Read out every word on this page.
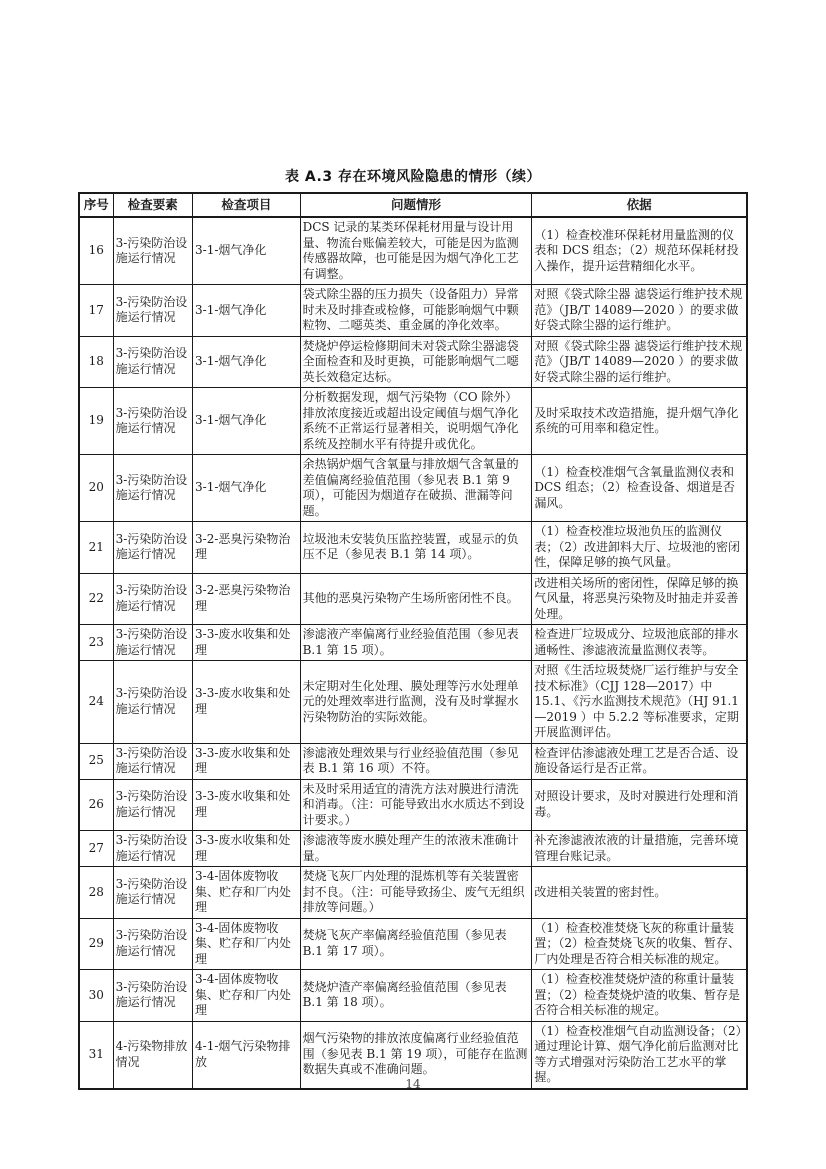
表 A.3 存在环境风险隐患的情形（续）
序号	检查要素	检查项目	问题情形	依据
16	3-污染防治设施运行情况	3-1-烟气净化	DCS 记录的某类环保耗材用量与设计用量、物流台账偏差较大，可能是因为监测传感器故障，也可能是因为烟气净化工艺有调整。	（1）检查校准环保耗材用量监测的仪表和 DCS 组态；（2）规范环保耗材投入操作，提升运营精细化水平。
17	3-污染防治设施运行情况	3-1-烟气净化	袋式除尘器的压力损失（设备阻力）异常时未及时排查或检修，可能影响烟气中颗粒物、二噁英类、重金属的净化效率。	对照《袋式除尘器 滤袋运行维护技术规范》（JB/T 14089—2020 ）的要求做好袋式除尘器的运行维护。
18	3-污染防治设施运行情况	3-1-烟气净化	焚烧炉停运检修期间未对袋式除尘器滤袋全面检查和及时更换，可能影响烟气二噁英长效稳定达标。	对照《袋式除尘器 滤袋运行维护技术规范》（JB/T 14089—2020 ）的要求做好袋式除尘器的运行维护。
19	3-污染防治设施运行情况	3-1-烟气净化	分析数据发现，烟气污染物（CO 除外）排放浓度接近或超出设定阈值与烟气净化系统不正常运行显著相关，说明烟气净化系统及控制水平有待提升或优化。	及时采取技术改造措施，提升烟气净化系统的可用率和稳定性。
20	3-污染防治设施运行情况	3-1-烟气净化	余热锅炉烟气含氧量与排放烟气含氧量的差值偏离经验值范围（参见表 B.1 第 9 项），可能因为烟道存在破损、泄漏等问题。	（1）检查校准烟气含氧量监测仪表和 DCS 组态；（2）检查设备、烟道是否漏风。
21	3-污染防治设施运行情况	3-2-恶臭污染物治理	垃圾池未安装负压监控装置，或显示的负压不足（参见表 B.1 第 14 项）。	（1）检查校准垃圾池负压的监测仪表；（2）改进卸料大厅、垃圾池的密闭性，保障足够的换气风量。
22	3-污染防治设施运行情况	3-2-恶臭污染物治理	其他的恶臭污染物产生场所密闭性不良。	改进相关场所的密闭性，保障足够的换气风量，将恶臭污染物及时抽走并妥善处理。
23	3-污染防治设施运行情况	3-3-废水收集和处理	渗滤液产率偏离行业经验值范围（参见表 B.1 第 15 项）。	检查进厂垃圾成分、垃圾池底部的排水通畅性、渗滤液流量监测仪表等。
24	3-污染防治设施运行情况	3-3-废水收集和处理	未定期对生化处理、膜处理等污水处理单元的处理效率进行监测，没有及时掌握水污染物防治的实际效能。	对照《生活垃圾焚烧厂运行维护与安全技术标准》（CJJ 128—2017）中 15.1、《污水监测技术规范》（HJ 91.1—2019 ）中 5.2.2 等标准要求，定期开展监测评估。
25	3-污染防治设施运行情况	3-3-废水收集和处理	渗滤液处理效果与行业经验值范围（参见表 B.1 第 16 项）不符。	检查评估渗滤液处理工艺是否合适、设施设备运行是否正常。
26	3-污染防治设施运行情况	3-3-废水收集和处理	未及时采用适宜的清洗方法对膜进行清洗和消毒。（注：可能导致出水水质达不到设计要求。）	对照设计要求，及时对膜进行处理和消毒。
27	3-污染防治设施运行情况	3-3-废水收集和处理	渗滤液等废水膜处理产生的浓液未准确计量。	补充渗滤液浓液的计量措施，完善环境管理台账记录。
28	3-污染防治设施运行情况	3-4-固体废物收集、贮存和厂内处理	焚烧飞灰厂内处理的混炼机等有关装置密封不良。（注：可能导致扬尘、废气无组织排放等问题。）	改进相关装置的密封性。
29	3-污染防治设施运行情况	3-4-固体废物收集、贮存和厂内处理	焚烧飞灰产率偏离经验值范围（参见表 B.1 第 17 项）。	（1）检查校准焚烧飞灰的称重计量装置；（2）检查焚烧飞灰的收集、暂存、厂内处理是否符合相关标准的规定。
30	3-污染防治设施运行情况	3-4-固体废物收集、贮存和厂内处理	焚烧炉渣产率偏离经验值范围（参见表 B.1 第 18 项）。	（1）检查校准焚烧炉渣的称重计量装置；（2）检查焚烧炉渣的收集、暂存是否符合相关标准的规定。
31	4-污染物排放情况	4-1-烟气污染物排放	烟气污染物的排放浓度偏离行业经验值范围（参见表 B.1 第 19 项），可能存在监测数据失真或不准确问题。	（1）检查校准烟气自动监测设备；（2）通过理论计算、烟气净化前后监测对比等方式增强对污染防治工艺水平的掌握。
14
